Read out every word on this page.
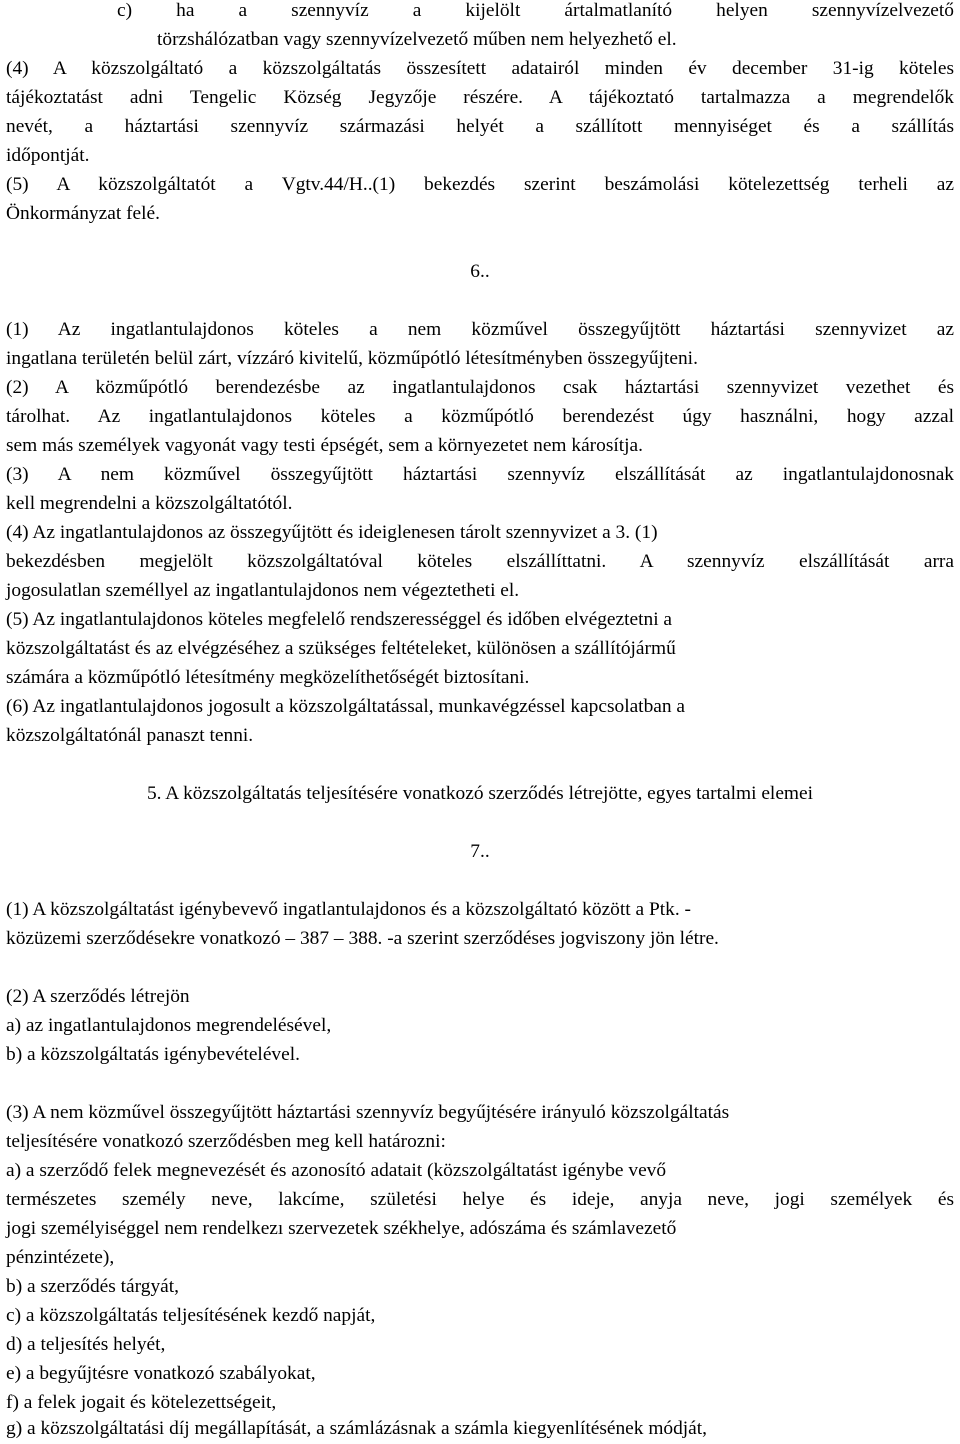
c) ha a szennyvíz a kijelölt ártalmatlanító helyen szennyvízelvezető
törzshálózatban vagy szennyvízelvezető műben nem helyezhető el.
(4) A közszolgáltató a közszolgáltatás összesített adatairól minden év december 31-ig köteles
tájékoztatást adni Tengelic Község Jegyzője részére. A tájékoztató tartalmazza a megrendelők
nevét, a háztartási szennyvíz származási helyét a szállított mennyiséget és a szállítás
időpontját.
(5) A közszolgáltatót a Vgtv.44/H..(1) bekezdés szerint beszámolási kötelezettség terheli az
Önkormányzat felé.
6..
(1) Az ingatlantulajdonos köteles a nem közművel összegyűjtött háztartási szennyvizet az
ingatlana területén belül zárt, vízzáró kivitelű, közműpótló létesítményben összegyűjteni.
(2) A közműpótló berendezésbe az ingatlantulajdonos csak háztartási szennyvizet vezethet és
tárolhat. Az ingatlantulajdonos köteles a közműpótló berendezést úgy használni, hogy azzal
sem más személyek vagyonát vagy testi épségét, sem a környezetet nem károsítja.
(3) A nem közművel összegyűjtött háztartási szennyvíz elszállítását az ingatlantulajdonosnak
kell megrendelni a közszolgáltatótól.
(4) Az ingatlantulajdonos az összegyűjtött és ideiglenesen tárolt szennyvizet a 3. (1)
bekezdésben megjelölt közszolgáltatóval köteles elszállíttatni. A szennyvíz elszállítását arra
jogosulatlan személlyel az ingatlantulajdonos nem végeztetheti el.
(5) Az ingatlantulajdonos köteles megfelelő rendszerességgel és időben elvégeztetni a
közszolgáltatást és az elvégzéséhez a szükséges feltételeket, különösen a szállítójármű
számára a közműpótló létesítmény megközelíthetőségét biztosítani.
(6) Az ingatlantulajdonos jogosult a közszolgáltatással, munkavégzéssel kapcsolatban a
közszolgáltatónál panaszt tenni.
5. A közszolgáltatás teljesítésére vonatkozó szerződés létrejötte, egyes tartalmi elemei
7..
(1) A közszolgáltatást igénybevevő ingatlantulajdonos és a közszolgáltató között a Ptk. -
közüzemi szerződésekre vonatkozó – 387 – 388. -a szerint szerződéses jogviszony jön létre.
(2) A szerződés létrejön
a) az ingatlantulajdonos megrendelésével,
b) a közszolgáltatás igénybevételével.
(3) A nem közművel összegyűjtött háztartási szennyvíz begyűjtésére irányuló közszolgáltatás
teljesítésére vonatkozó szerződésben meg kell határozni:
a) a szerződő felek megnevezését és azonosító adatait (közszolgáltatást igénybe vevő
természetes személy neve, lakcíme, születési helye és ideje, anyja neve, jogi személyek és
jogi személyiséggel nem rendelkezı szervezetek székhelye, adószáma és számlavezető
pénzintézete),
b) a szerződés tárgyát,
c) a közszolgáltatás teljesítésének kezdő napját,
d) a teljesítés helyét,
e) a begyűjtésre vonatkozó szabályokat,
f) a felek jogait és kötelezettségeit,
g) a közszolgáltatási díj megállapítását, a számlázásnak a számla kiegyenlítésének módját,
